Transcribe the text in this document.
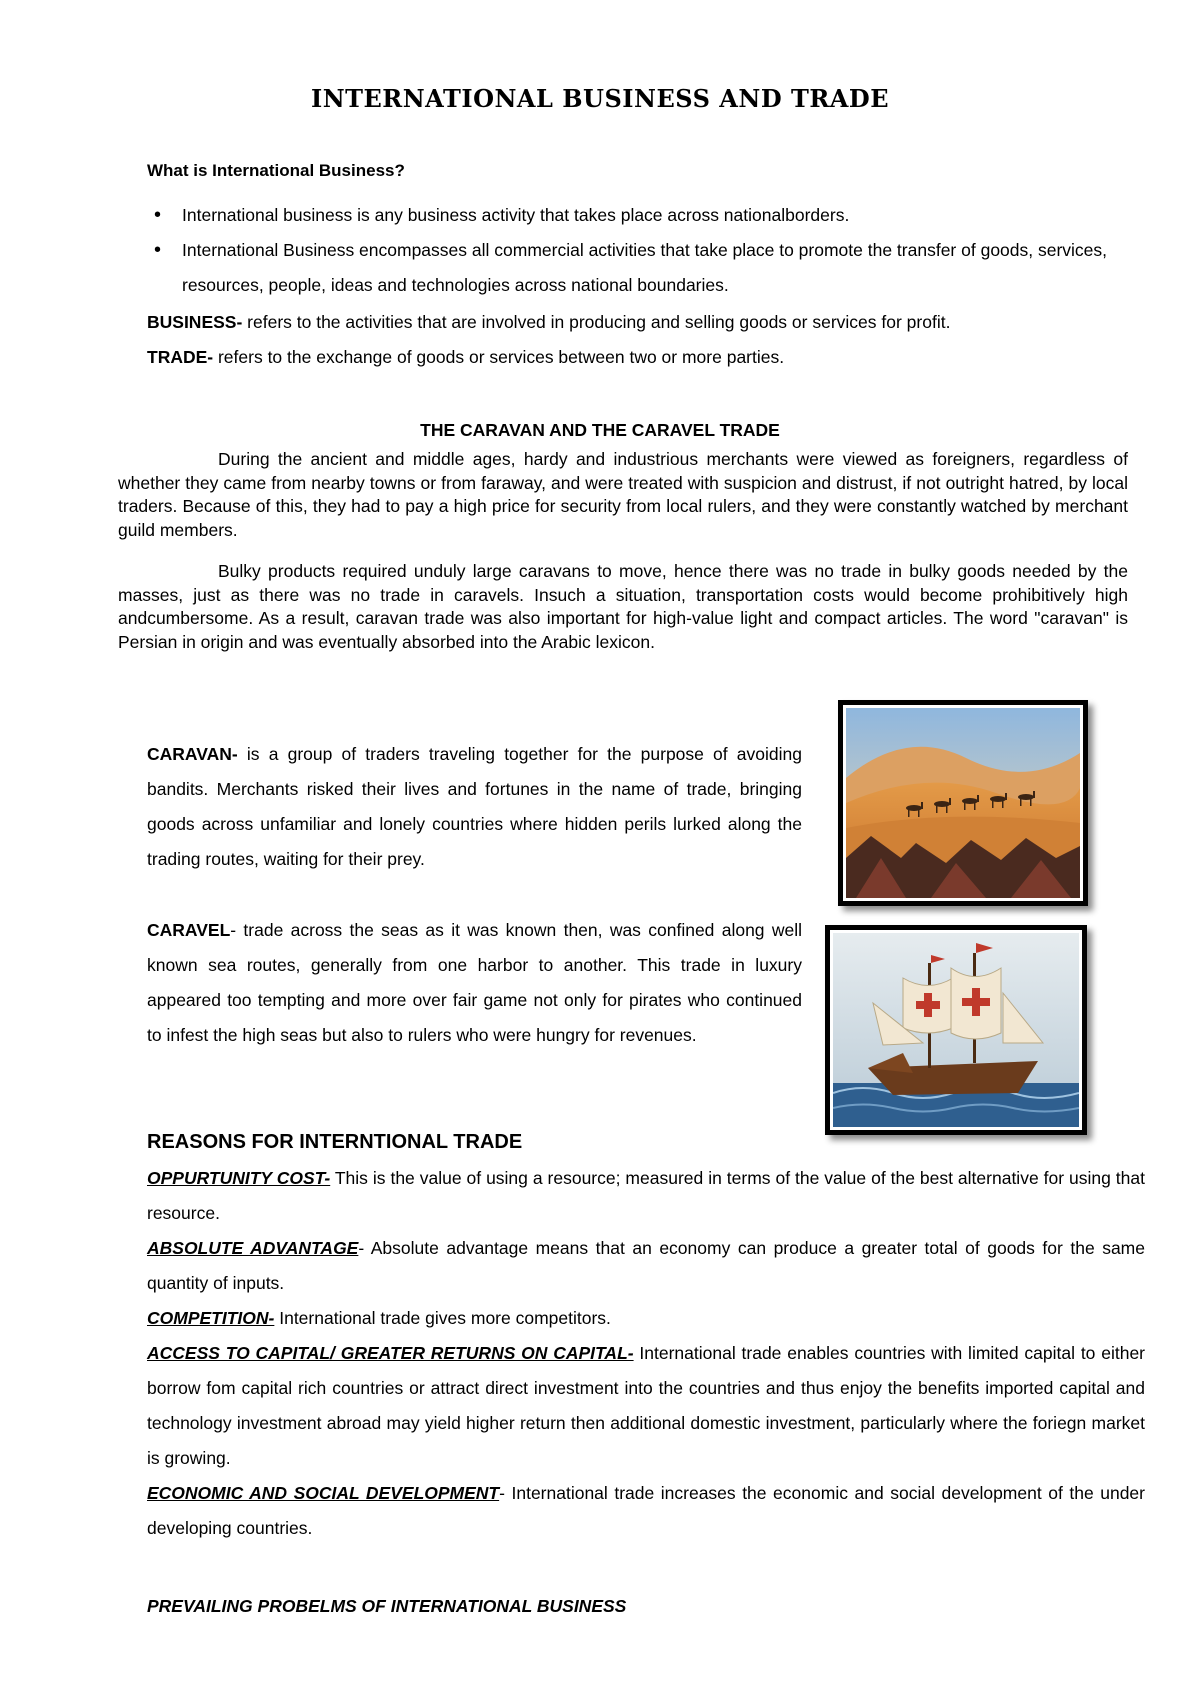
INTERNATIONAL BUSINESS AND TRADE
What is International Business?
• International business is any business activity that takes place across nationalborders.
• International Business encompasses all commercial activities that take place to promote the transfer of goods, services, resources, people, ideas and technologies across national boundaries.
BUSINESS- refers to the activities that are involved in producing and selling goods or services for profit.
TRADE- refers to the exchange of goods or services between two or more parties.
THE CARAVAN AND THE CARAVEL TRADE

During the ancient and middle ages, hardy and industrious merchants were viewed as foreigners, regardless of whether they came from nearby towns or from faraway, and were treated with suspicion and distrust, if not outright hatred, by local traders. Because of this, they had to pay a high price for security from local rulers, and they were constantly watched by merchant guild members.

Bulky products required unduly large caravans to move, hence there was no trade in bulky goods needed by the masses, just as there was no trade in caravels. Insuch a situation, transportation costs would become prohibitively high andcumbersome. As a result, caravan trade was also important for high-value light and compact articles. The word "caravan" is Persian in origin and was eventually absorbed into the Arabic lexicon.

CARAVAN- is a group of traders traveling together for the purpose of avoiding bandits. Merchants risked their lives and fortunes in the name of trade, bringing goods across unfamiliar and lonely countries where hidden perils lurked along the trading routes, waiting for their prey.

CARAVEL- trade across the seas as it was known then, was confined along well known sea routes, generally from one harbor to another. This trade in luxury appeared too tempting and more over fair game not only for pirates who continued to infest the high seas but also to rulers who were hungry for revenues.

REASONS FOR INTERNTIONAL TRADE

OPPURTUNITY COST- This is the value of using a resource; measured in terms of the value of the best alternative for using that resource.
ABSOLUTE ADVANTAGE- Absolute advantage means that an economy can produce a greater total of goods for the same quantity of inputs.
COMPETITION- International trade gives more competitors.
ACCESS TO CAPITAL/ GREATER RETURNS ON CAPITAL- International trade enables countries with limited capital to either borrow fom capital rich countries or attract direct investment into the countries and thus enjoy the benefits imported capital and technology investment abroad may yield higher return then additional domestic investment, particularly where the foriegn market is growing.
ECONOMIC AND SOCIAL DEVELOPMENT- International trade increases the economic and social development of the under developing countries.

PREVAILING PROBELMS OF INTERNATIONAL BUSINESS
